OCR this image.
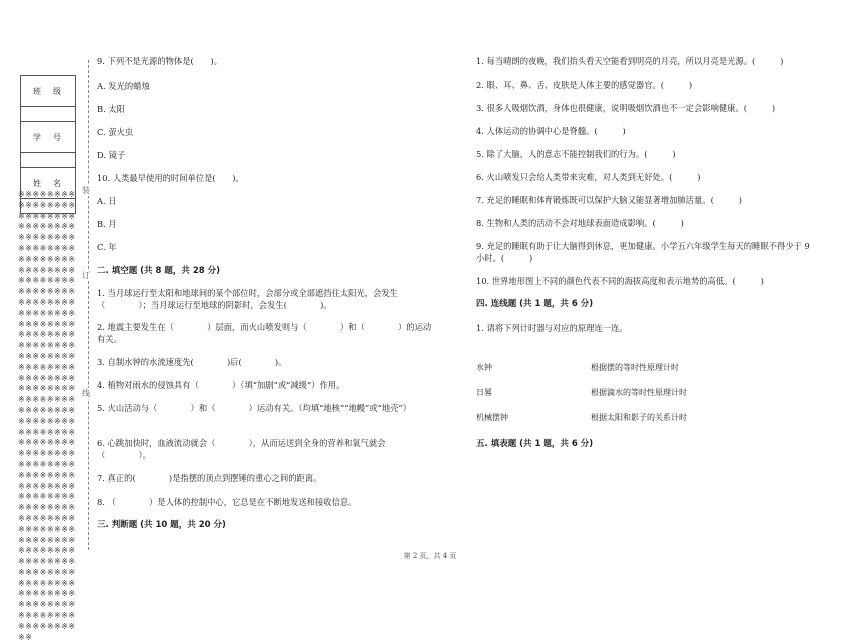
班　级

学　号

姓　名

※※※※※※※※※※※※※※※※※※※※※※※※※※※※※※※※※※※※※※※※※※※※※※※※※※※※※※※※※※※※※※※※※※※※※※※※※※※※※※※※※※※※※※※※※※※※※※※※※※※※※※※※※※※※※※※※※※※※※※※※※※※※※※※※※※※※※※※※※※※※※※※※※※※※※※※※※※※※※※※※※※※※※※※※※※※※※※※※※※※※※※※※※※※※※※※※※※※※※※※※※※※※※※※※※※※※※※※※※※※※※※※※※※※※※※※※※※※※※※※※※※※※※※※※※※※※※※※※※※※※※※※※※※※※※※※※※※※※※※※※※※※※※※※※※※※※※※※※※※※※※※※※※※※※※※※※※※※※※※※※※※※※※※※※※※
装
订
线
9. 下列不是光源的物体是(　　)。
A. 发光的蜡烛
B. 太阳
C. 萤火虫
D. 镜子
10. 人类最早使用的时间单位是(　　)。
A. 日
B. 月
C. 年
二. 填空题 (共 8 题，共 28 分)
1. 当月球运行至太阳和地球间的某个部位时，会部分或全部遮挡住太阳光，会发生（　　　　）；当月球运行至地球的阴影时，会发生(　　　　)。
2. 地震主要发生在（　　　　）层面，而火山喷发则与（　　　　）和（　　　　）的运动有关。
3. 自制水钟的水流速度先(　　　　)后(　　　　)。
4. 植物对雨水的侵蚀具有（　　　　）（填“加剧”或“减缓”）作用。
5. 火山活动与（　　　　）和（　　　　）运动有关。（均填“地核”“地幔”或“地壳”）
6. 心跳加快时，血液流动就会（　　　　），从而运送到全身的营养和氧气就会（　　　　）。
7. 真正的(　　　　)是指摆的顶点到摆锤的重心之间的距离。
8. （　　　　）是人体的控制中心，它总是在不断地发送和接收信息。
三. 判断题 (共 10 题，共 20 分)
1. 每当晴朗的夜晚，我们抬头看天空能看到明亮的月亮，所以月亮是光源。(　　　)
2. 眼、耳、鼻、舌、皮肤是人体主要的感觉器官。(　　　)
3. 很多人吸烟饮酒，身体也很健康，说明吸烟饮酒也不一定会影响健康。(　　　)
4. 人体运动的协调中心是脊髓。(　　　)
5. 除了大脑，人的意志不能控制我们的行为。(　　　)
6. 火山喷发只会给人类带来灾难，对人类到无好处。(　　　)
7. 充足的睡眠和体育锻炼既可以保护大脑又能显著增加肺活量。(　　　)
8. 生物和人类的活动不会对地球表面造成影响。(　　　)
9. 充足的睡眠有助于让大脑得到休息，更加健康。小学五六年级学生每天的睡眠不得少于 9 小时。(　　　)
10. 世界地形图上不同的颜色代表不同的海拔高度和表示地势的高低。(　　　)
四. 连线题 (共 1 题，共 6 分)
1. 请将下列计时器与对应的原理连一连。
水钟	根据摆的等时性原理计时
日晷	根据滴水的等时性原理计时
机械摆钟	根据太阳和影子的关系计时
五. 填表题 (共 1 题，共 6 分)
第 2 页，共 4 页
